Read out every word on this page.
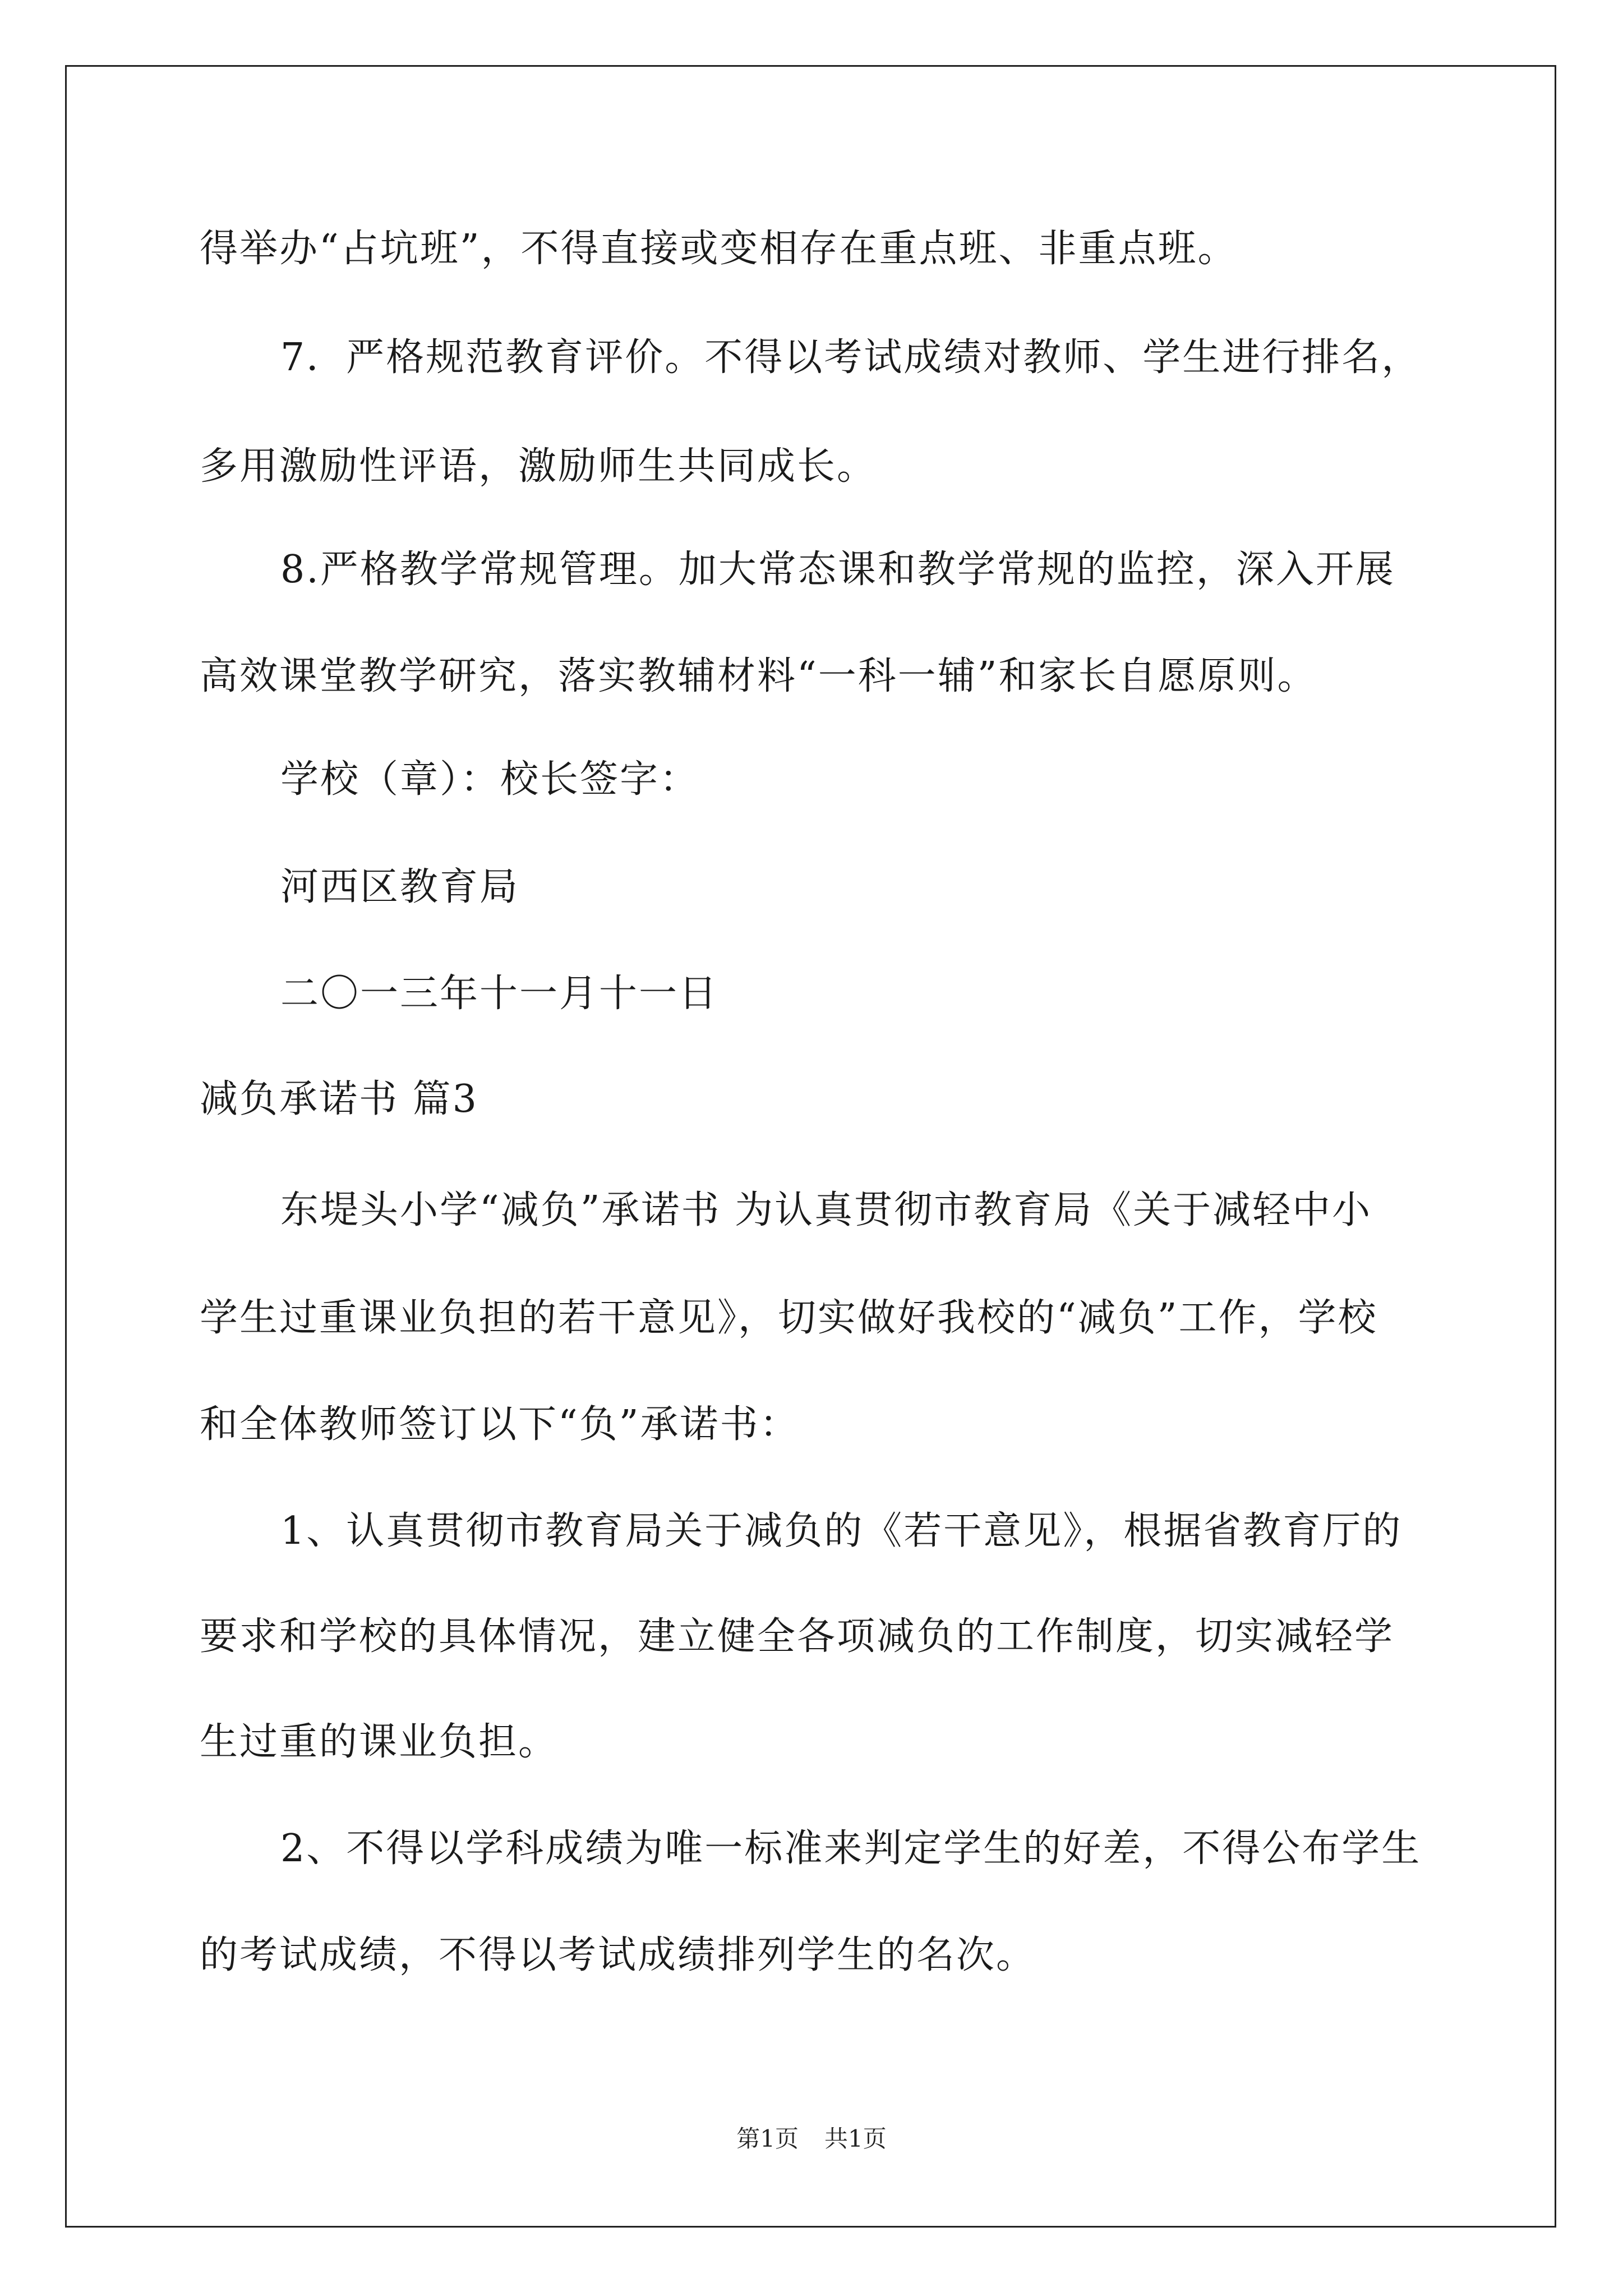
得举办“占坑班”，不得直接或变相存在重点班、非重点班。
7．严格规范教育评价。不得以考试成绩对教师、学生进行排名，
多用激励性评语，激励师生共同成长。
8.严格教学常规管理。加大常态课和教学常规的监控，深入开展
高效课堂教学研究，落实教辅材料“一科一辅”和家长自愿原则。
学校（章）：校长签字：
河西区教育局
二〇一三年十一月十一日
减负承诺书 篇3
东堤头小学“减负”承诺书 为认真贯彻市教育局《关于减轻中小
学生过重课业负担的若干意见》，切实做好我校的“减负”工作，学校
和全体教师签订以下“负”承诺书：
1、认真贯彻市教育局关于减负的《若干意见》，根据省教育厅的
要求和学校的具体情况，建立健全各项减负的工作制度，切实减轻学
生过重的课业负担。
2、不得以学科成绩为唯一标准来判定学生的好差，不得公布学生
的考试成绩，不得以考试成绩排列学生的名次。
第1页 共1页
